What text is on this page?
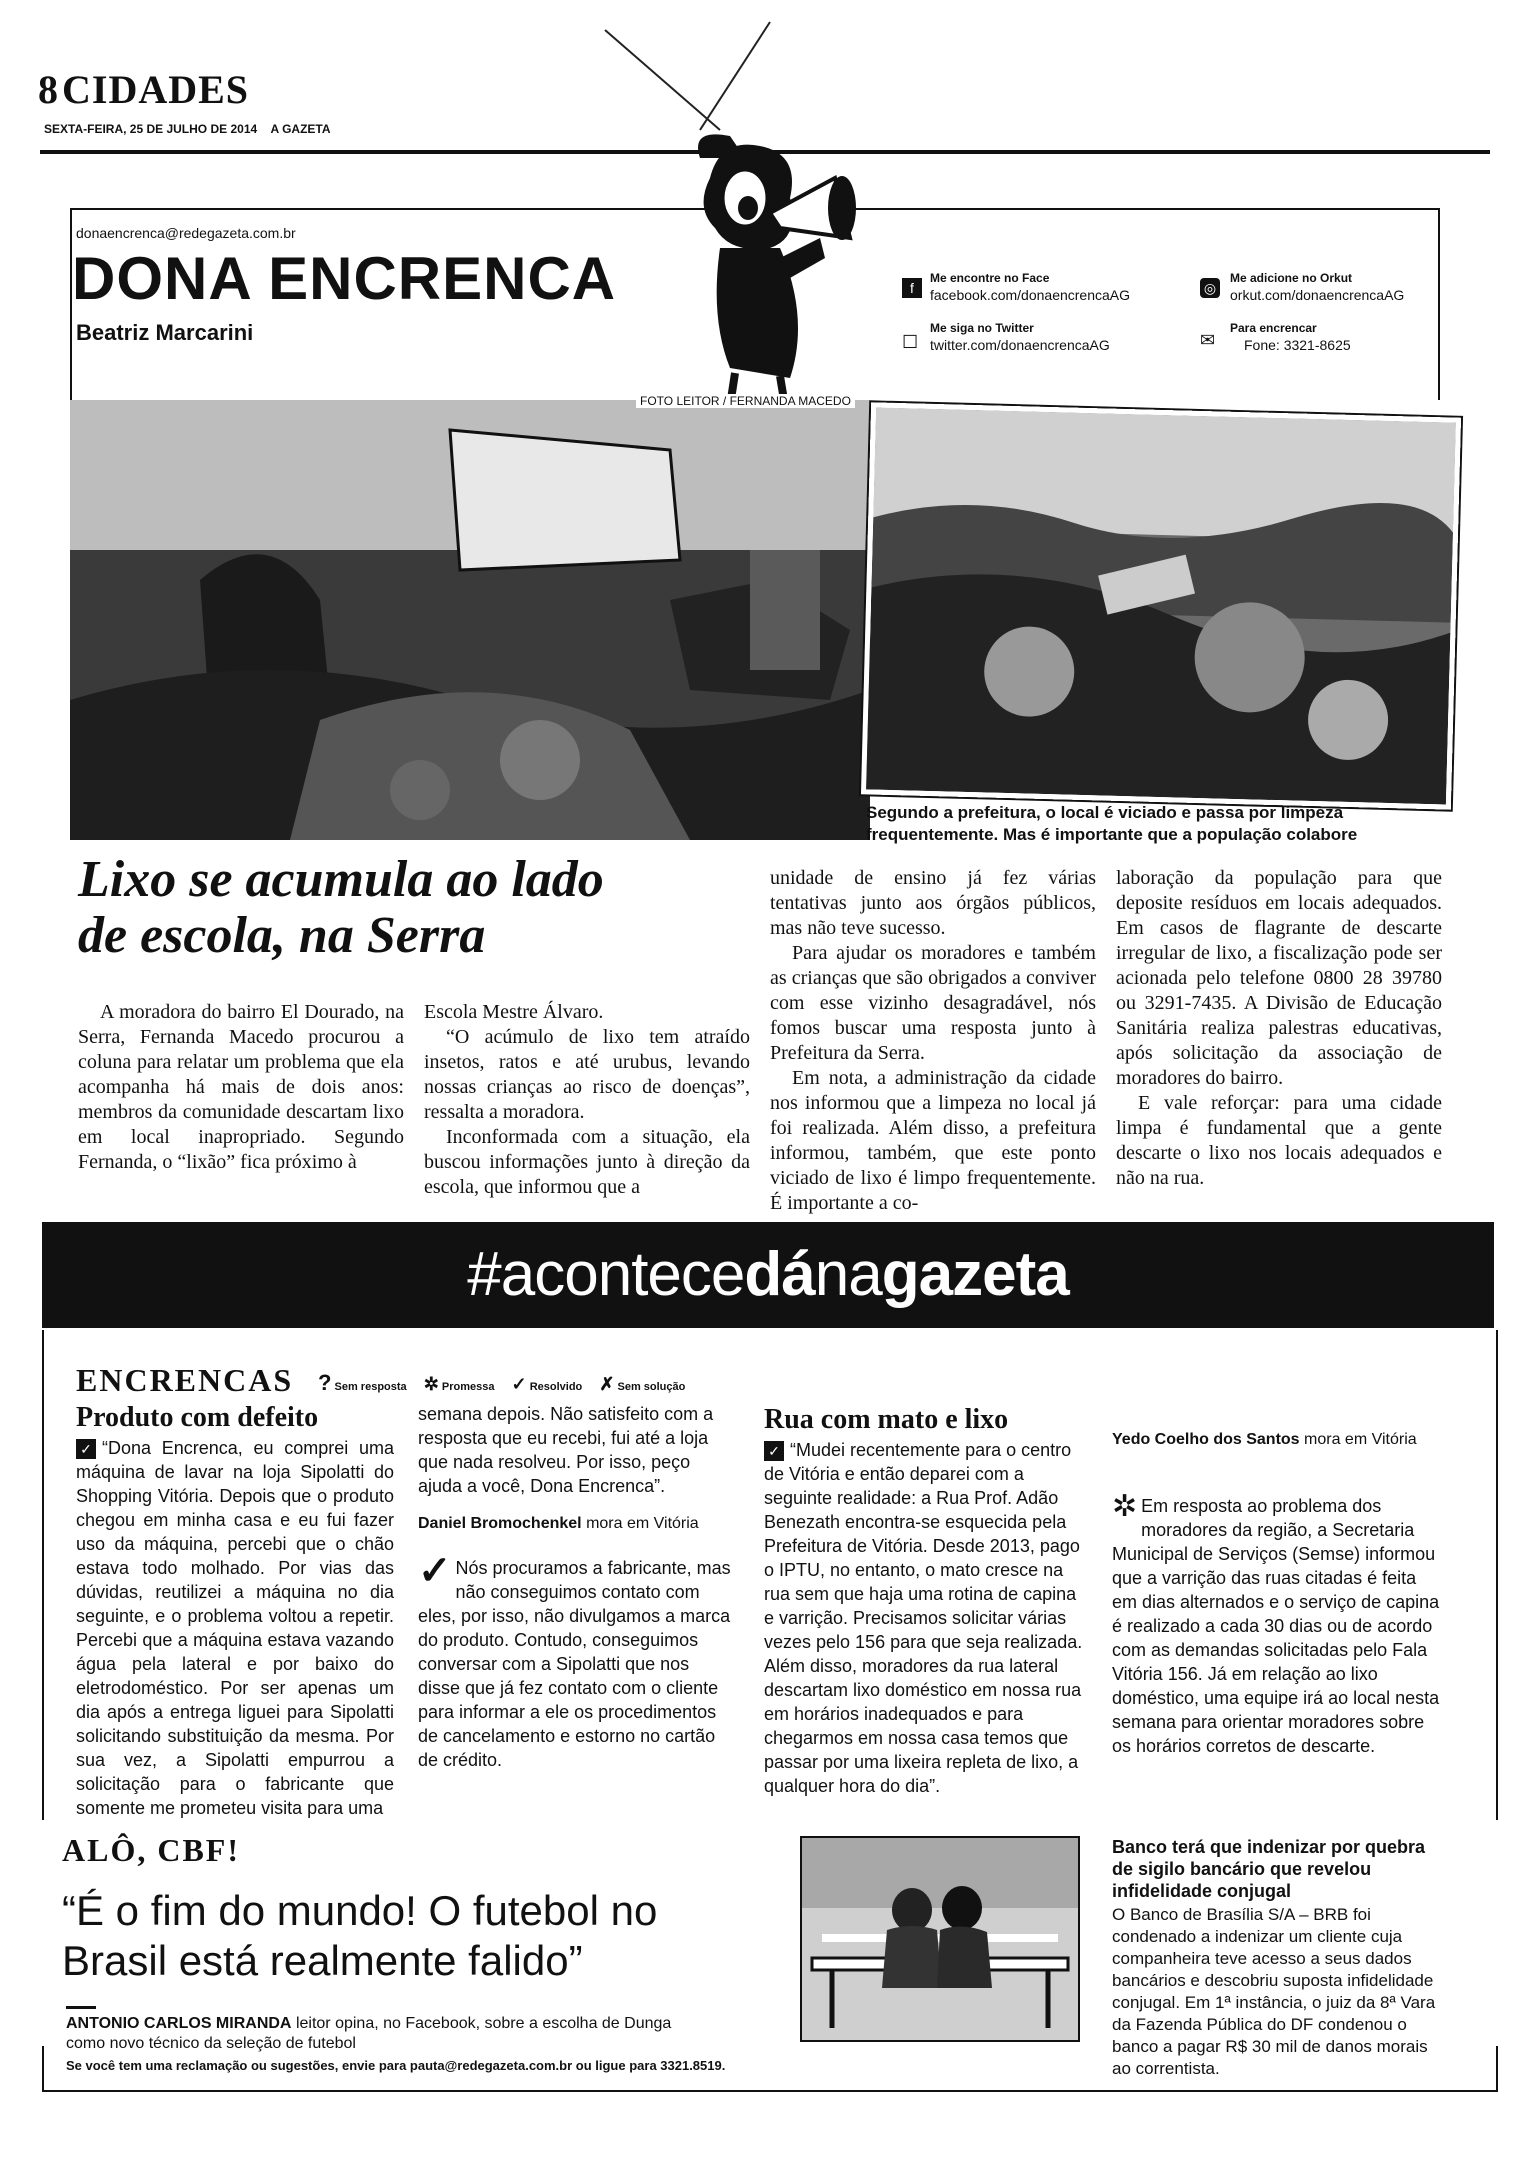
8 CIDADES
SEXTA-FEIRA, 25 DE JULHO DE 2014 A GAZETA
donaencrenca@redegazeta.com.br
DONA ENCRENCA
Beatriz Marcarini
f
Me encontre no Face
facebook.com/donaencrencaAG
☐
Me siga no Twitter
twitter.com/donaencrencaAG
◎
Me adicione no Orkut
orkut.com/donaencrencaAG
✉
Para encrencar
Fone: 3321-8625
FOTO LEITOR / FERNANDA MACEDO
Segundo a prefeitura, o local é viciado e passa por limpeza
frequentemente. Mas é importante que a população colabore
Lixo se acumula ao lado
de escola, na Serra

A moradora do bairro El Dourado, na Serra, Fernanda Macedo procurou a coluna para relatar um problema que ela acompanha há mais de dois anos: membros da comunidade descartam lixo em local inapropriado. Segundo Fernanda, o “lixão” fica próximo à

Escola Mestre Álvaro.

“O acúmulo de lixo tem atraído insetos, ratos e até urubus, levando nossas crianças ao risco de doenças”, ressalta a moradora.

Inconformada com a situação, ela buscou informações junto à direção da escola, que informou que a

unidade de ensino já fez várias tentativas junto aos órgãos públicos, mas não teve sucesso.

Para ajudar os moradores e também as crianças que são obrigados a conviver com esse vizinho desagradável, nós fomos buscar uma resposta junto à Prefeitura da Serra.

Em nota, a administração da cidade nos informou que a limpeza no local já foi realizada. Além disso, a prefeitura informou, também, que este ponto viciado de lixo é limpo frequentemente. É importante a co-

laboração da população para que deposite resíduos em locais adequados. Em casos de flagrante de descarte irregular de lixo, a fiscalização pode ser acionada pelo telefone 0800 28 39780 ou 3291-7435. A Divisão de Educação Sanitária realiza palestras educativas, após solicitação da associação de moradores do bairro.

E vale reforçar: para uma cidade limpa é fundamental que a gente descarte o lixo nos locais adequados e não na rua.

#acontecedánagazeta
ENCRENCAS ? Sem resposta ✲ Promessa ✓ Resolvido ✗ Sem solução
Produto com defeito
✓ “Dona Encrenca, eu comprei uma máquina de lavar na loja Sipolatti do Shopping Vitória. Depois que o produto chegou em minha casa e eu fui fazer uso da máquina, percebi que o chão estava todo molhado. Por vias das dúvidas, reutilizei a máquina no dia seguinte, e o problema voltou a repetir. Percebi que a máquina estava vazando água pela lateral e por baixo do eletrodoméstico. Por ser apenas um dia após a entrega liguei para Sipolatti solicitando substituição da mesma. Por sua vez, a Sipolatti empurrou a solicitação para o fabricante que somente me prometeu visita para uma
semana depois. Não satisfeito com a resposta que eu recebi, fui até a loja que nada resolveu. Por isso, peço ajuda a você, Dona Encrenca”.
Daniel Bromochenkel mora em Vitória
✓ Nós procuramos a fabricante, mas não conseguimos contato com eles, por isso, não divulgamos a marca do produto. Contudo, conseguimos conversar com a Sipolatti que nos disse que já fez contato com o cliente para informar a ele os procedimentos de cancelamento e estorno no cartão de crédito.
Rua com mato e lixo
✓ “Mudei recentemente para o centro de Vitória e então deparei com a seguinte realidade: a Rua Prof. Adão Benezath encontra-se esquecida pela Prefeitura de Vitória. Desde 2013, pago o IPTU, no entanto, o mato cresce na rua sem que haja uma rotina de capina e varrição. Precisamos solicitar várias vezes pelo 156 para que seja realizada. Além disso, moradores da rua lateral descartam lixo doméstico em nossa rua em horários inadequados e para chegarmos em nossa casa temos que passar por uma lixeira repleta de lixo, a qualquer hora do dia”.
Yedo Coelho dos Santos mora em Vitória
✲ Em resposta ao problema dos moradores da região, a Secretaria Municipal de Serviços (Semse) informou que a varrição das ruas citadas é feita em dias alternados e o serviço de capina é realizado a cada 30 dias ou de acordo com as demandas solicitadas pelo Fala Vitória 156. Já em relação ao lixo doméstico, uma equipe irá ao local nesta semana para orientar moradores sobre os horários corretos de descarte.
ALÔ, CBF!
“É o fim do mundo! O futebol no
Brasil está realmente falido”
ANTONIO CARLOS MIRANDA leitor opina, no Facebook, sobre a escolha de Dunga
como novo técnico da seleção de futebol
Banco terá que indenizar por quebra de sigilo bancário que revelou infidelidade conjugal
O Banco de Brasília S/A – BRB foi condenado a indenizar um cliente cuja companheira teve acesso a seus dados bancários e descobriu suposta infidelidade conjugal. Em 1ª instância, o juiz da 8ª Vara da Fazenda Pública do DF condenou o banco a pagar R$ 30 mil de danos morais ao correntista.
Se você tem uma reclamação ou sugestões, envie para pauta@redegazeta.com.br ou ligue para 3321.8519.
